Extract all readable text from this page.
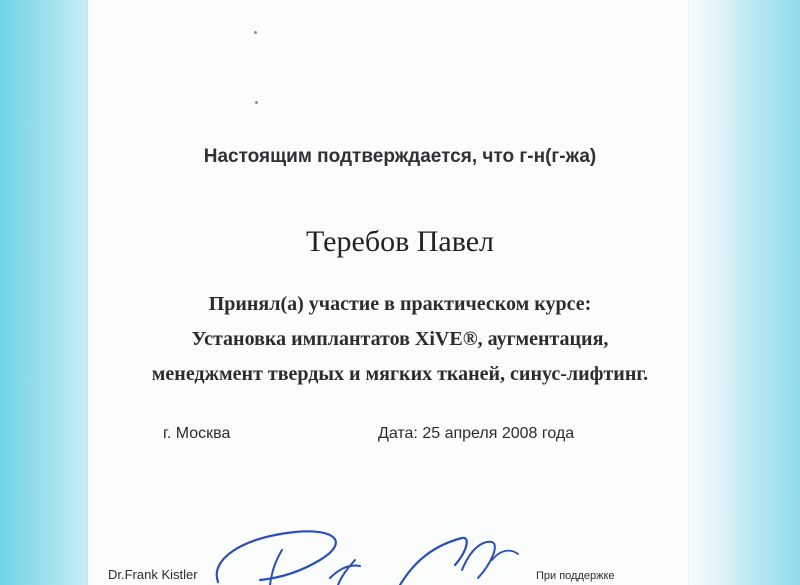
Настоящим подтверждается, что г-н(г-жа)
Теребов Павел
Принял(а) участие в практическом курсе:
Установка имплантатов XiVE®, аугментация,
менеджмент твердых и мягких тканей, синус-лифтинг.
г. Москва	Дата: 25 апреля 2008 года
Dr.Frank Kistler	При поддержке
